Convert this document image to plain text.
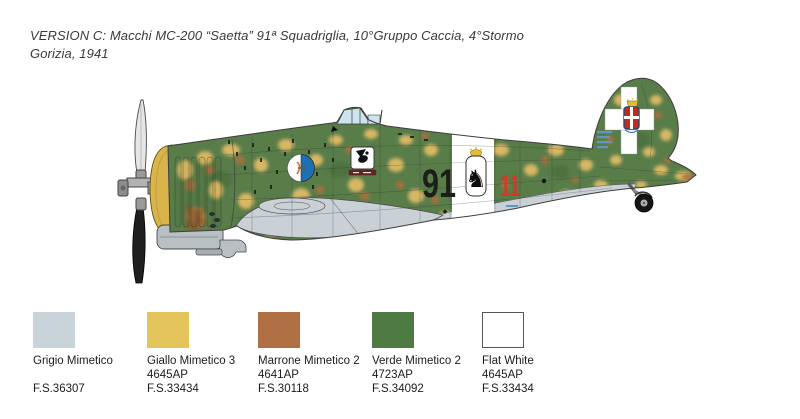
VERSION C: Macchi MC-200 “Saetta” 91ª Squadriglia, 10°Gruppo Caccia, 4°Stormo
Gorizia, 1941
91 ♞ 11
Grigio Mimetico
F.S.36307
Giallo Mimetico 3
4645AP
F.S.33434
Marrone Mimetico 2
4641AP
F.S.30118
Verde Mimetico 2
4723AP
F.S.34092
Flat White
4645AP
F.S.33434
